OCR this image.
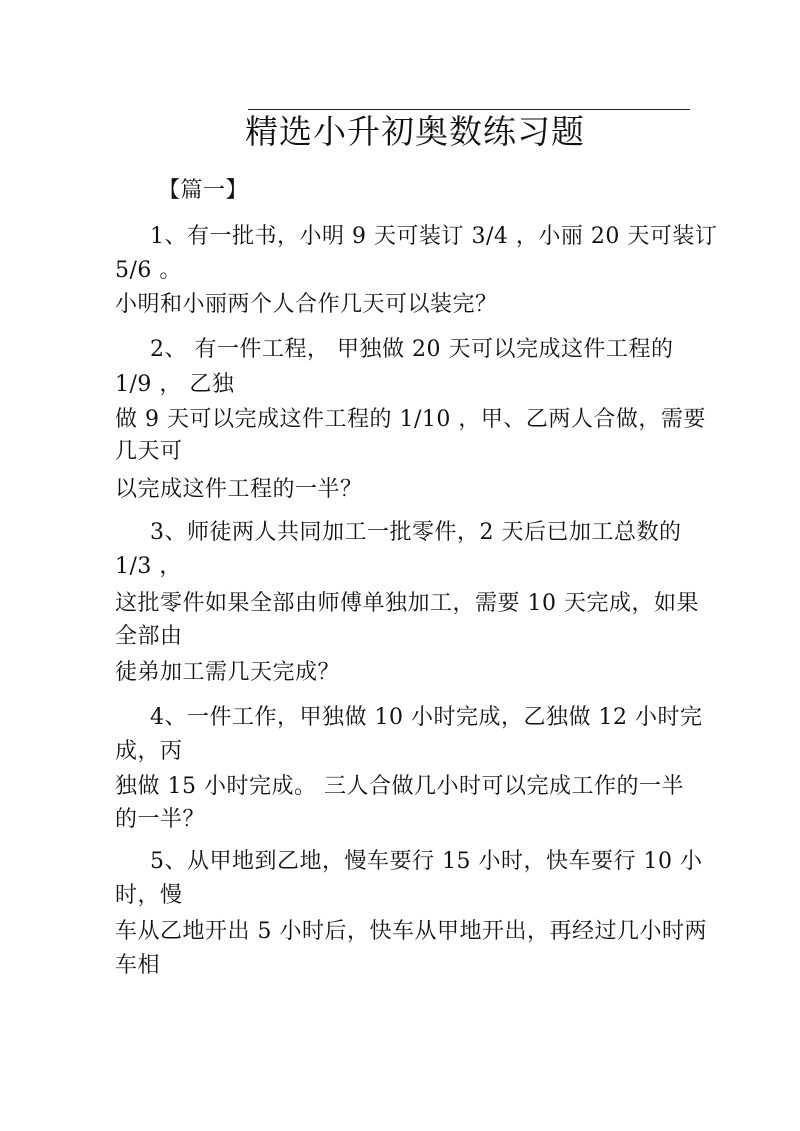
精选小升初奥数练习题
【篇一】
1、有一批书，小明 9 天可装订 3/4 ，小丽 20 天可装订
5/6 。
小明和小丽两个人合作几天可以装完？
2、 有一件工程， 甲独做 20 天可以完成这件工程的
1/9 ， 乙独
做 9 天可以完成这件工程的 1/10 ，甲、乙两人合做，需要
几天可
以完成这件工程的一半？
3、师徒两人共同加工一批零件，2 天后已加工总数的
1/3 ，
这批零件如果全部由师傅单独加工，需要 10 天完成，如果
全部由
徒弟加工需几天完成？
4、一件工作，甲独做 10 小时完成，乙独做 12 小时完
成，丙
独做 15 小时完成。 三人合做几小时可以完成工作的一半
的一半？
5、从甲地到乙地，慢车要行 15 小时，快车要行 10 小
时，慢
车从乙地开出 5 小时后，快车从甲地开出，再经过几小时两
车相
